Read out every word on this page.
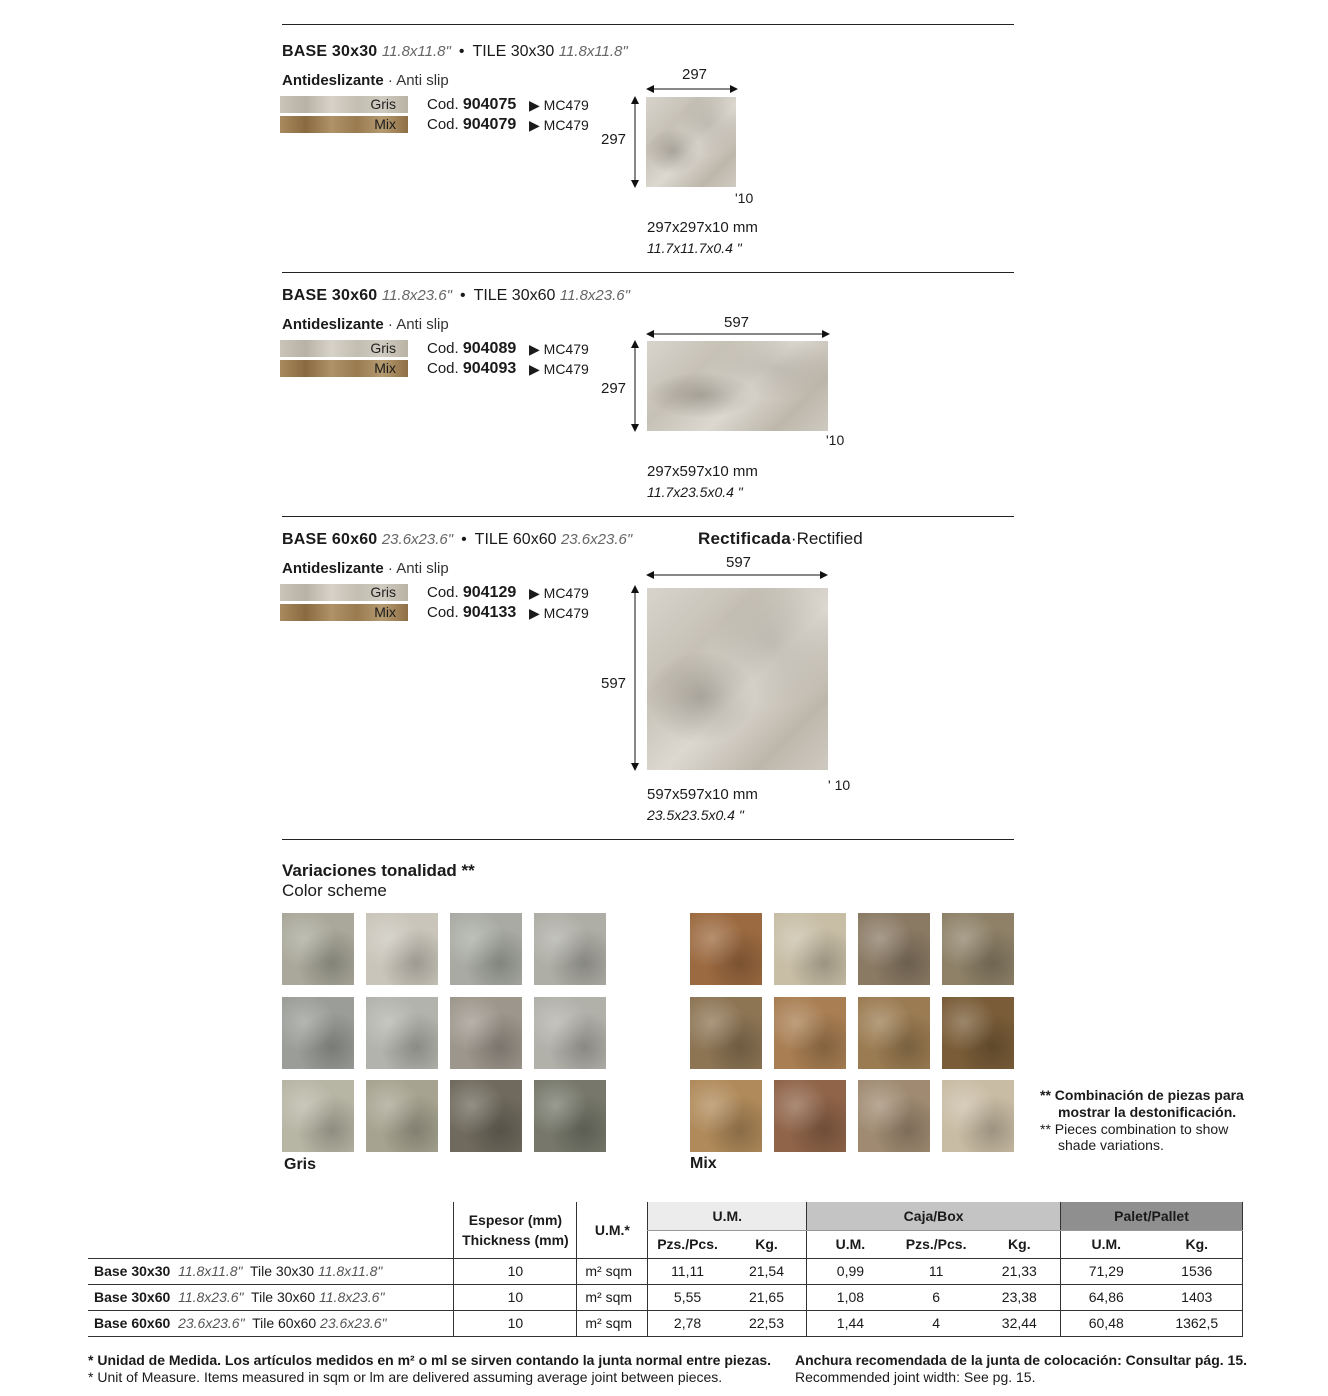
BASE 30x30 11.8x11.8" • TILE 30x30 11.8x11.8"
Antideslizante · Anti slip
Gris
Mix
Cod. 904075
Cod. 904079
▶ MC479
▶ MC479
297
297
'10
297x297x10 mm
11.7x11.7x0.4 "
BASE 30x60 11.8x23.6" • TILE 30x60 11.8x23.6"
Antideslizante · Anti slip
Gris
Mix
Cod. 904089
Cod. 904093
▶ MC479
▶ MC479
597
297
'10
297x597x10 mm
11.7x23.5x0.4 "
BASE 60x60 23.6x23.6" • TILE 60x60 23.6x23.6"	Rectificada·Rectified
Antideslizante · Anti slip
Gris
Mix
Cod. 904129
Cod. 904133
▶ MC479
▶ MC479
597
597
' 10
597x597x10 mm
23.5x23.5x0.4 "
Variaciones tonalidad **
Color scheme
Gris	Mix
** Combinación de piezas para
mostrar la destonificación.
** Pieces combination to show
shade variations.

	Espesor (mm)
Thickness (mm)	U.M.*	U.M.		Caja/Box			Palet/Pallet	
			Pzs./Pcs.	Kg.	U.M.	Pzs./Pcs.	Kg.	U.M.	Kg.
Base 30x30 11.8x11.8" Tile 30x30 11.8x11.8"	10	m² sqm	11,11	21,54	0,99	11	21,33	71,29	1536
Base 30x60 11.8x23.6" Tile 30x60 11.8x23.6"	10	m² sqm	5,55	21,65	1,08	6	23,38	64,86	1403
Base 60x60 23.6x23.6" Tile 60x60 23.6x23.6"	10	m² sqm	2,78	22,53	1,44	4	32,44	60,48	1362,5
* Unidad de Medida. Los artículos medidos en m² o ml se sirven contando la junta normal entre piezas.
* Unit of Measure. Items measured in sqm or lm are delivered assuming average joint between pieces.
Anchura recomendada de la junta de colocación: Consultar pág. 15.
Recommended joint width: See pg. 15.
